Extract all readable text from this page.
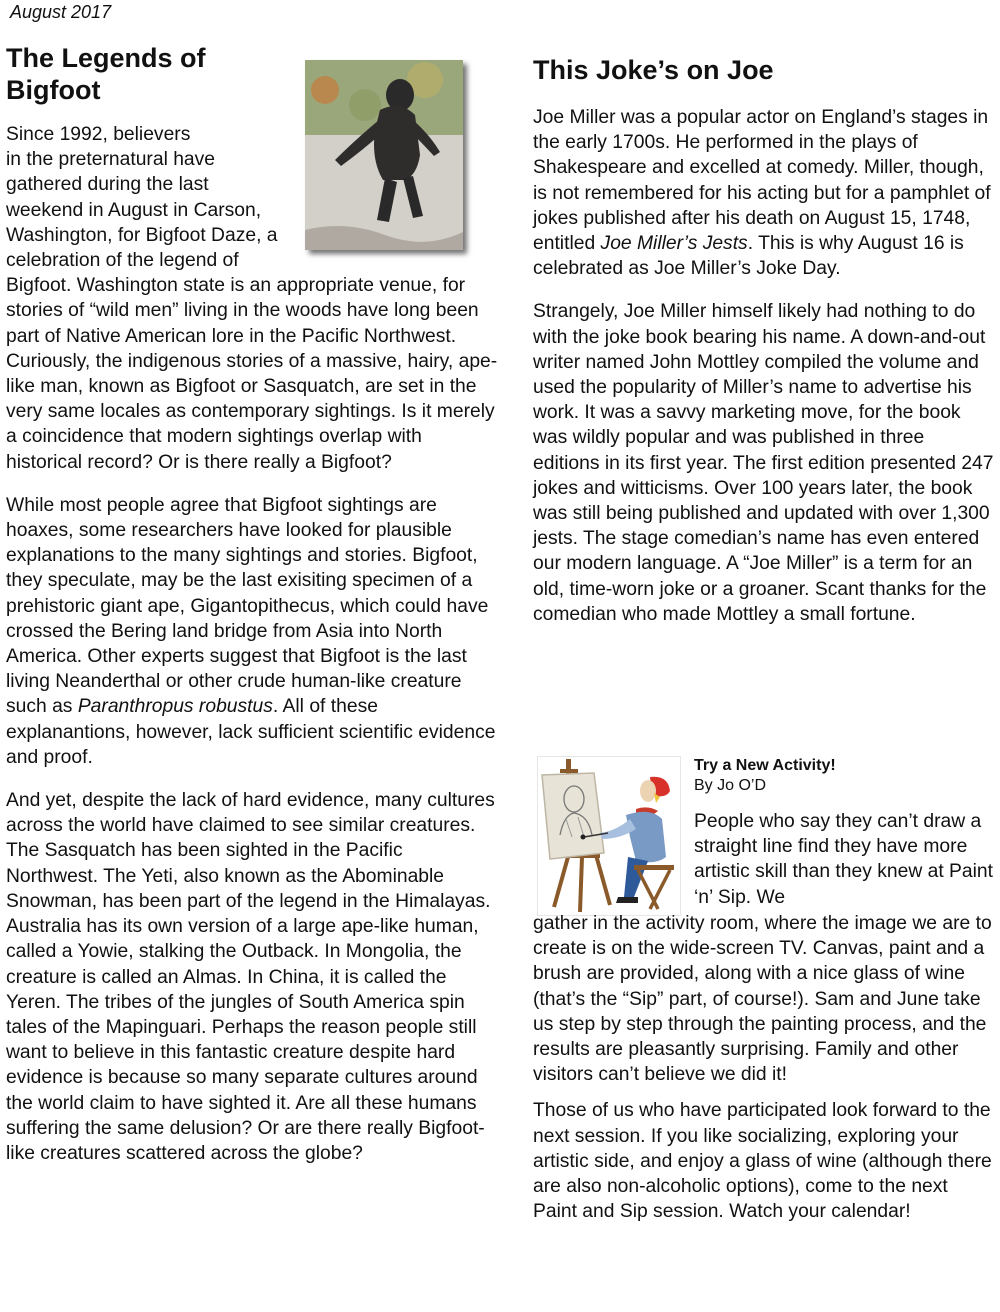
August 2017
The Legends of Bigfoot

Since 1992, believers
in the preternatural have
gathered during the last
weekend in August in Carson,
Washington, for Bigfoot Daze, a
celebration of the legend of
Bigfoot. Washington state is an appropriate venue, for stories of “wild men” living in the woods have long been part of Native American lore in the Pacific Northwest. Curiously, the indigenous stories of a massive, hairy, ape-like man, known as Bigfoot or Sasquatch, are set in the very same locales as contemporary sightings. Is it merely a coincidence that modern sightings overlap with historical record? Or is there really a Bigfoot?

While most people agree that Bigfoot sightings are hoaxes, some researchers have looked for plausible explanations to the many sightings and stories. Bigfoot, they speculate, may be the last exisiting specimen of a prehistoric giant ape, Gigantopithecus, which could have crossed the Bering land bridge from Asia into North America. Other experts suggest that Bigfoot is the last living Neanderthal or other crude human-like creature such as Paranthropus robustus. All of these explanantions, however, lack sufficient scientific evidence and proof.

And yet, despite the lack of hard evidence, many cultures across the world have claimed to see similar creatures. The Sasquatch has been sighted in the Pacific Northwest. The Yeti, also known as the Abominable Snowman, has been part of the legend in the Himalayas. Australia has its own version of a large ape-like human, called a Yowie, stalking the Outback. In Mongolia, the creature is called an Almas. In China, it is called the Yeren. The tribes of the jungles of South America spin tales of the Mapinguari. Perhaps the reason people still want to believe in this fantastic creature despite hard evidence is because so many separate cultures around the world claim to have sighted it. Are all these humans suffering the same delusion? Or are there really Bigfoot-like creatures scattered across the globe?

This Joke’s on Joe

Joe Miller was a popular actor on England’s stages in the early 1700s. He performed in the plays of Shakespeare and excelled at comedy. Miller, though, is not remembered for his acting but for a pamphlet of jokes published after his death on August 15, 1748, entitled Joe Miller’s Jests. This is why August 16 is celebrated as Joe Miller’s Joke Day.

Strangely, Joe Miller himself likely had nothing to do with the joke book bearing his name. A down-and-out writer named John Mottley compiled the volume and used the popularity of Miller’s name to advertise his work. It was a savvy marketing move, for the book was wildly popular and was published in three editions in its first year. The first edition presented 247 jokes and witticisms. Over 100 years later, the book was still being published and updated with over 1,300 jests. The stage comedian’s name has even entered our modern language. A “Joe Miller” is a term for an old, time-worn joke or a groaner. Scant thanks for the comedian who made Mottley a small fortune.

Try a New Activity!
By Jo O’D

People who say they can’t draw a straight line find they have more artistic skill than they knew at Paint ‘n’ Sip. We

gather in the activity room, where the image we are to create is on the wide-screen TV. Canvas, paint and a brush are provided, along with a nice glass of wine (that’s the “Sip” part, of course!). Sam and June take us step by step through the painting process, and the results are pleasantly surprising. Family and other visitors can’t believe we did it!

Those of us who have participated look forward to the next session. If you like socializing, exploring your artistic side, and enjoy a glass of wine (although there are also non-alcoholic options), come to the next Paint and Sip session. Watch your calendar!
